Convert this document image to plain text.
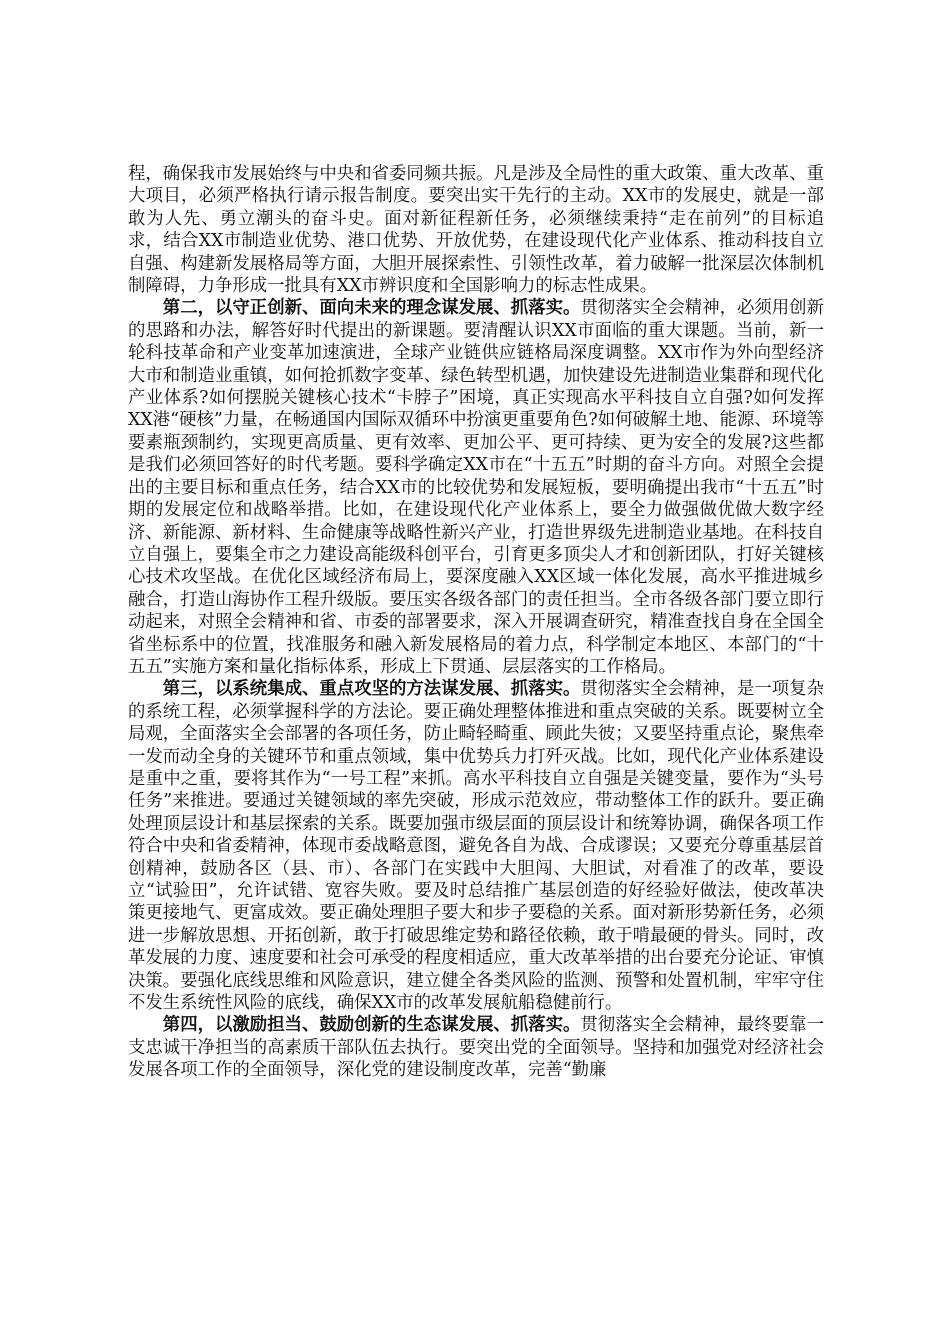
程，确保我市发展始终与中央和省委同频共振。凡是涉及全局性的重大政策、重大改革、重大项目，必须严格执行请示报告制度。要突出实干先行的主动。XX市的发展史，就是一部敢为人先、勇立潮头的奋斗史。面对新征程新任务，必须继续秉持“走在前列”的目标追求，结合XX市制造业优势、港口优势、开放优势，在建设现代化产业体系、推动科技自立自强、构建新发展格局等方面，大胆开展探索性、引领性改革，着力破解一批深层次体制机制障碍，力争形成一批具有XX市辨识度和全国影响力的标志性成果。

第二，以守正创新、面向未来的理念谋发展、抓落实。贯彻落实全会精神，必须用创新的思路和办法，解答好时代提出的新课题。要清醒认识XX市面临的重大课题。当前，新一轮科技革命和产业变革加速演进，全球产业链供应链格局深度调整。XX市作为外向型经济大市和制造业重镇，如何抢抓数字变革、绿色转型机遇，加快建设先进制造业集群和现代化产业体系?如何摆脱关键核心技术“卡脖子”困境，真正实现高水平科技自立自强?如何发挥XX港“硬核”力量，在畅通国内国际双循环中扮演更重要角色?如何破解土地、能源、环境等要素瓶颈制约，实现更高质量、更有效率、更加公平、更可持续、更为安全的发展?这些都是我们必须回答好的时代考题。要科学确定XX市在“十五五”时期的奋斗方向。对照全会提出的主要目标和重点任务，结合XX市的比较优势和发展短板，要明确提出我市“十五五”时期的发展定位和战略举措。比如，在建设现代化产业体系上，要全力做强做优做大数字经济、新能源、新材料、生命健康等战略性新兴产业，打造世界级先进制造业基地。在科技自立自强上，要集全市之力建设高能级科创平台，引育更多顶尖人才和创新团队，打好关键核心技术攻坚战。在优化区域经济布局上，要深度融入XX区域一体化发展，高水平推进城乡融合，打造山海协作工程升级版。要压实各级各部门的责任担当。全市各级各部门要立即行动起来，对照全会精神和省、市委的部署要求，深入开展调查研究，精准查找自身在全国全省坐标系中的位置，找准服务和融入新发展格局的着力点，科学制定本地区、本部门的“十五五”实施方案和量化指标体系，形成上下贯通、层层落实的工作格局。

第三，以系统集成、重点攻坚的方法谋发展、抓落实。贯彻落实全会精神，是一项复杂的系统工程，必须掌握科学的方法论。要正确处理整体推进和重点突破的关系。既要树立全局观，全面落实全会部署的各项任务，防止畸轻畸重、顾此失彼；又要坚持重点论，聚焦牵一发而动全身的关键环节和重点领域，集中优势兵力打歼灭战。比如，现代化产业体系建设是重中之重，要将其作为“一号工程”来抓。高水平科技自立自强是关键变量，要作为“头号任务”来推进。要通过关键领域的率先突破，形成示范效应，带动整体工作的跃升。要正确处理顶层设计和基层探索的关系。既要加强市级层面的顶层设计和统筹协调，确保各项工作符合中央和省委精神，体现市委战略意图，避免各自为战、合成谬误；又要充分尊重基层首创精神，鼓励各区（县、市）、各部门在实践中大胆闯、大胆试，对看准了的改革，要设立“试验田”，允许试错、宽容失败。要及时总结推广基层创造的好经验好做法，使改革决策更接地气、更富成效。要正确处理胆子要大和步子要稳的关系。面对新形势新任务，必须进一步解放思想、开拓创新，敢于打破思维定势和路径依赖，敢于啃最硬的骨头。同时，改革发展的力度、速度要和社会可承受的程度相适应，重大改革举措的出台要充分论证、审慎决策。要强化底线思维和风险意识，建立健全各类风险的监测、预警和处置机制，牢牢守住不发生系统性风险的底线，确保XX市的改革发展航船稳健前行。

第四，以激励担当、鼓励创新的生态谋发展、抓落实。贯彻落实全会精神，最终要靠一支忠诚干净担当的高素质干部队伍去执行。要突出党的全面领导。坚持和加强党对经济社会发展各项工作的全面领导，深化党的建设制度改革，完善“勤廉
